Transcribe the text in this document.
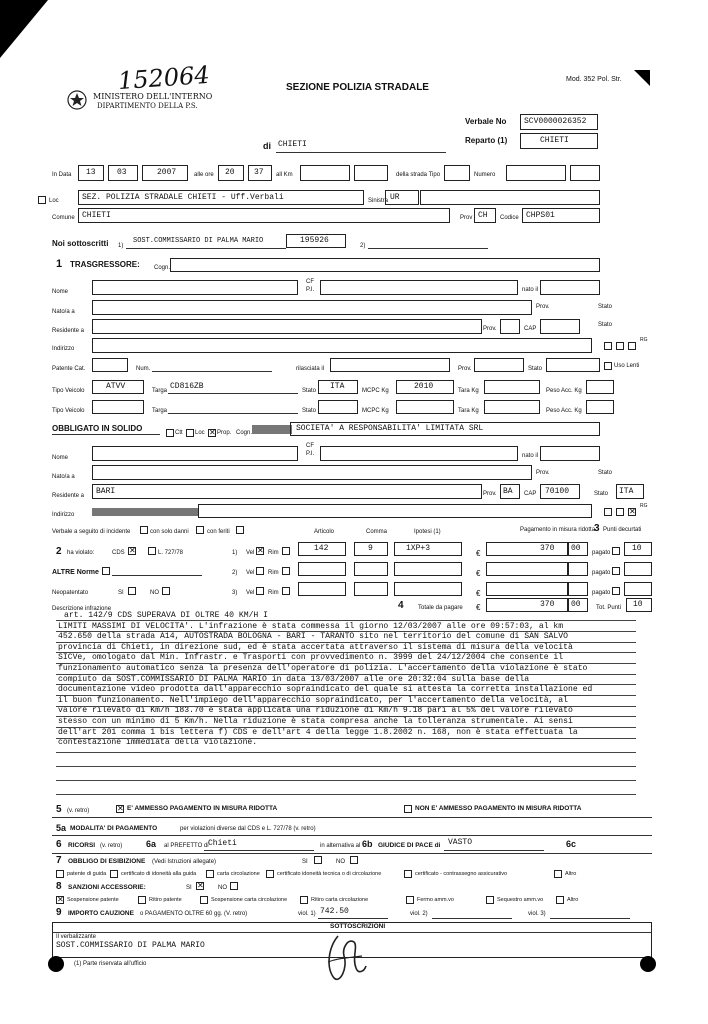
152064
MINISTERO DELL'INTERNO
DIPARTIMENTO DELLA P.S.
SEZIONE POLIZIA STRADALE
Mod. 352 Pol. Str.
Verbale No SCV0000026352
Reparto (1)	CHIETI
di CHIETI
In Data 13	03	2007	alle ore 20 37 all Km	della strada Tipo	Numero
Loc	SEZ. POLIZIA STRADALE CHIETI - Uff.Verbali	Sinistra UR
Comune CHIETI	Prov CH Codice CHPS01
Noi sottoscritti 1)
SOST.COMMISSARIO DI PALMA MARIO	195926
2)
1 TRASGRESSORE: Cogn.
Nome
CF
P.I.	nato il
Nato/a a
Prov.	Stato
Residente a	Prov.	CAP
Stato
Indirizzo
RG
Patente Cat.	Num.	rilasciata il	Prov.	Stato	Uso Lenti
Tipo Veicolo	ATVV	Targa CD816ZB	Stato ITA	MCPC Kg	2010	Tara Kg	Peso Acc. Kg
Tipo Veicolo	Targa	Stato	MCPC Kg	Tara Kg	Peso Acc. Kg
OBBLIGATO IN SOLIDO	Ctt Loc ✕ Prop. Cogn.	SOCIETA' A RESPONSABILITA' LIMITATA SRL
Nome
CF
P.I.	nato il
Nato/a a
Prov.	Stato
Residente a BARI	Prov. BA CAP 70100	Stato ITA
Indirizzo	✕
RG
Verbale a seguito di incidente	con solo danni	con feriti	Articolo	Comma	Ipotesi (1)	Pagamento in misura ridotta
3 Punti decurtati
2 ha violato:	CDS ✕	L. 727/78	1) Vel ✕ Rim	142	9	1XP+3
€
370 00 pagato	10
ALTRE Norme	2) Vel Rim	€	pagato
Neopatentato	SI	NO	3) Vel Rim	€	pagato
Descrizione infrazione	4 Totale da pagare €	370 00	Tot. Punti 10
art. 142/9 CDS SUPERAVA DI OLTRE 40 KM/H I
LIMITI MASSIMI DI VELOCITA'. L'infrazione è stata commessa il giorno 12/03/2007 alle ore 09:57:03, al km
452.650 della strada A14, AUTOSTRADA BOLOGNA - BARI - TARANTO sito nel territorio del comune di SAN SALVO
provincia di Chieti, in direzione sud, ed è stata accertata attraverso il sistema di misura della velocità
SICVe, omologato dal Min. Infrastr. e Trasporti con provvedimento n. 3999 del 24/12/2004 che consente il
funzionamento automatico senza la presenza dell'operatore di polizia. L'accertamento della violazione è stato
compiuto da SOST.COMMISSARIO DI PALMA MARIO in data 13/03/2007 alle ore 20:32:04 sulla base della
documentazione video prodotta dall'apparecchio sopraindicato del quale si attesta la corretta installazione ed
il buon funzionamento. Nell'impiego dell'apparecchio sopraindicato, per l'accertamento della velocità, al
valore rilevato di Km/h 183.70 è stata applicata una riduzione di Km/h 9.18 pari al 5% del valore rilevato
stesso con un minimo di 5 Km/h. Nella riduzione è stata compresa anche la tolleranza strumentale. Ai sensi
dell'art 201 comma 1 bis lettera f) CDS e dell'art 4 della legge 1.8.2002 n. 168, non è stata effettuata la
contestazione immediata della violazione.
5 (v. retro)	✕ E' AMMESSO PAGAMENTO IN MISURA RIDOTTA	NON E' AMMESSO PAGAMENTO IN MISURA RIDOTTA
5a MODALITA' DI PAGAMENTO	per violazioni diverse dal CDS e L. 727/78 (v. retro)
6 RICORSI (v. retro)	6a al PREFETTO di Chieti	in alternativa al 6b GIUDICE DI PACE di VASTO	6c
7 OBBLIGO DI ESIBIZIONE (Vedi Istruzioni allegate)	SI	NO
patente di guida	certificato di idoneità alla guida	carta circolazione	certificato idoneità tecnica o di circolazione	certificato - contrassegno assicurativo	Altro
8 SANZIONI ACCESSORIE:	SI ✕ NO
✕ Sospensione patente	Ritiro patente	Sospensione carta circolazione	Ritiro carta circolazione	Fermo amm.vo	Sequestro amm.vo	Altro
9 IMPORTO CAUZIONE o PAGAMENTO OLTRE 60 gg. (V. retro)	viol. 1) 742.50	viol. 2)	viol. 3)
SOTTOSCRIZIONI
Il verbalizzante
SOST.COMMISSARIO DI PALMA MARIO
(1) Parte riservata all'ufficio
